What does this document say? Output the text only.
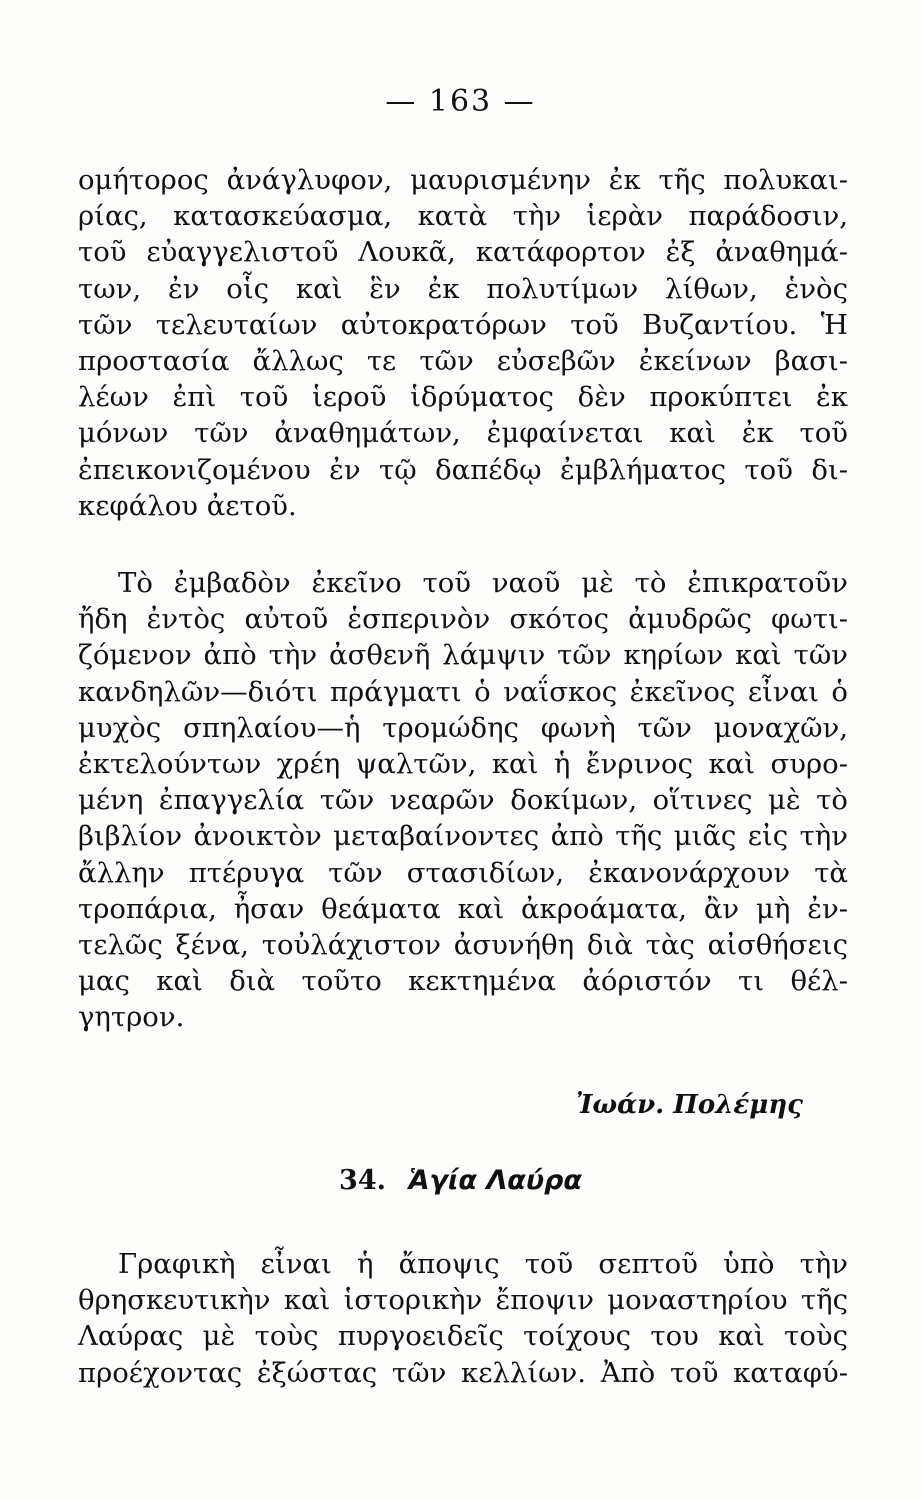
— 163 —
ομήτορος ἀνάγλυφον, μαυρισμένην ἐκ τῆς πολυκαι-
ρίας, κατασκεύασμα, κατὰ τὴν ἱερὰν παράδοσιν,
τοῦ εὐαγγελιστοῦ Λουκᾶ, κατάφορτον ἐξ ἀναθημά-
των, ἐν οἷς καὶ ἓν ἐκ πολυτίμων λίθων, ἑνὸς
τῶν τελευταίων αὐτοκρατόρων τοῦ Βυζαντίου. Ἡ
προστασία ἄλλως τε τῶν εὐσεβῶν ἐκείνων βασι-
λέων ἐπὶ τοῦ ἱεροῦ ἱδρύματος δὲν προκύπτει ἐκ
μόνων τῶν ἀναθημάτων, ἐμφαίνεται καὶ ἐκ τοῦ
ἐπεικονιζομένου ἐν τῷ δαπέδῳ ἐμβλήματος τοῦ δι-
κεφάλου ἀετοῦ.
Τὸ ἐμβαδὸν ἐκεῖνο τοῦ ναοῦ μὲ τὸ ἐπικρατοῦν
ἤδη ἐντὸς αὐτοῦ ἑσπερινὸν σκότος ἀμυδρῶς φωτι-
ζόμενον ἀπὸ τὴν ἀσθενῆ λάμψιν τῶν κηρίων καὶ τῶν
κανδηλῶν—διότι πράγματι ὁ ναΐσκος ἐκεῖνος εἶναι ὁ
μυχὸς σπηλαίου—ἡ τρομώδης φωνὴ τῶν μοναχῶν,
ἐκτελούντων χρέη ψαλτῶν, καὶ ἡ ἔνρινος καὶ συρο-
μένη ἐπαγγελία τῶν νεαρῶν δοκίμων, οἵτινες μὲ τὸ
βιβλίον ἀνοικτὸν μεταβαίνοντες ἀπὸ τῆς μιᾶς εἰς τὴν
ἄλλην πτέρυγα τῶν στασιδίων, ἐκανονάρχουν τὰ
τροπάρια, ἦσαν θεάματα καὶ ἀκροάματα, ἂν μὴ ἐν-
τελῶς ξένα, τοὐλάχιστον ἀσυνήθη διὰ τὰς αἰσθήσεις
μας καὶ διὰ τοῦτο κεκτημένα ἀόριστόν τι θέλ-
γητρον.
Ἰωάν. Πολέμης
34. Ἁγία Λαύρα
Γραφικὴ εἶναι ἡ ἄποψις τοῦ σεπτοῦ ὑπὸ τὴν
θρησκευτικὴν καὶ ἱστορικὴν ἔποψιν μοναστηρίου τῆς
Λαύρας μὲ τοὺς πυργοειδεῖς τοίχους του καὶ τοὺς
προέχοντας ἐξώστας τῶν κελλίων. Ἀπὸ τοῦ καταφύ-
